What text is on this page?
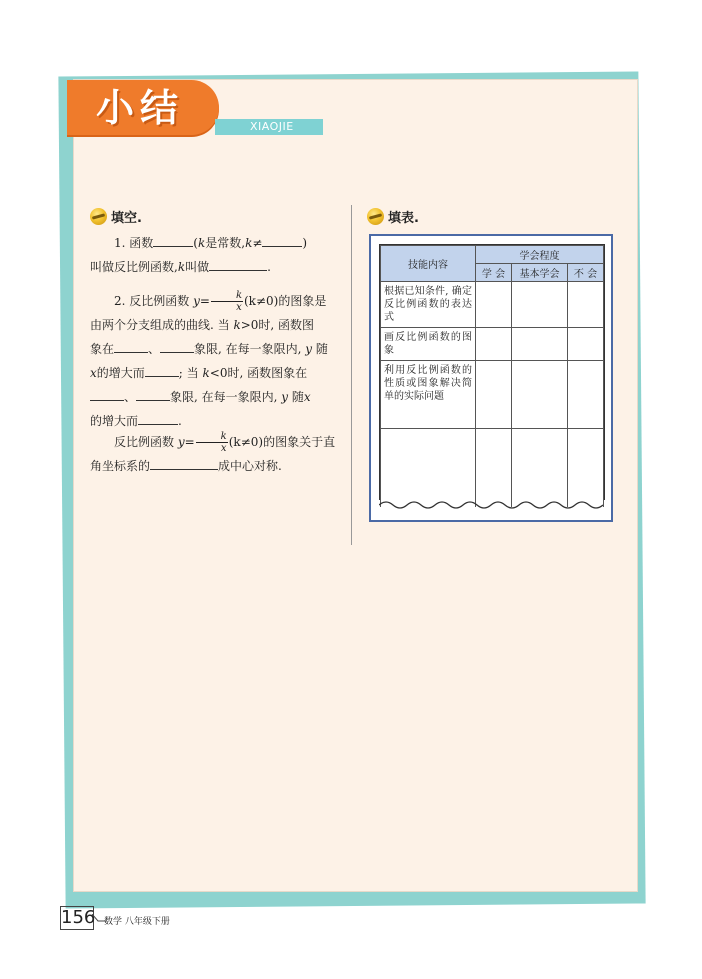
小结	XIAOJIE
填空.

1. 函数	(k是常数,k≠	)

叫做反比例函数,k叫做	.

2. 反比例函数 $y= \frac{k}{x} (k\ne 0)$的图象是

由两个分支组成的曲线. 当 k>0时, 函数图

象在	、	象限, 在每一象限内, y 随

x的增大而	; 当 k<0时, 函数图象在

、	象限, 在每一象限内, y 随x

的增大而	.

反比例函数 $y= \frac{k}{x} (k\ne 0)$的图象关于直

角坐标系的	成中心对称.

填表.
技能内容	学会程度		
	学 会	基本学会	不 会
根据已知条件, 确定反比例函数的表达式			
画反比例函数的图象			
利用反比例函数的性质或图象解决简单的实际问题			

156 数学 八年级下册
